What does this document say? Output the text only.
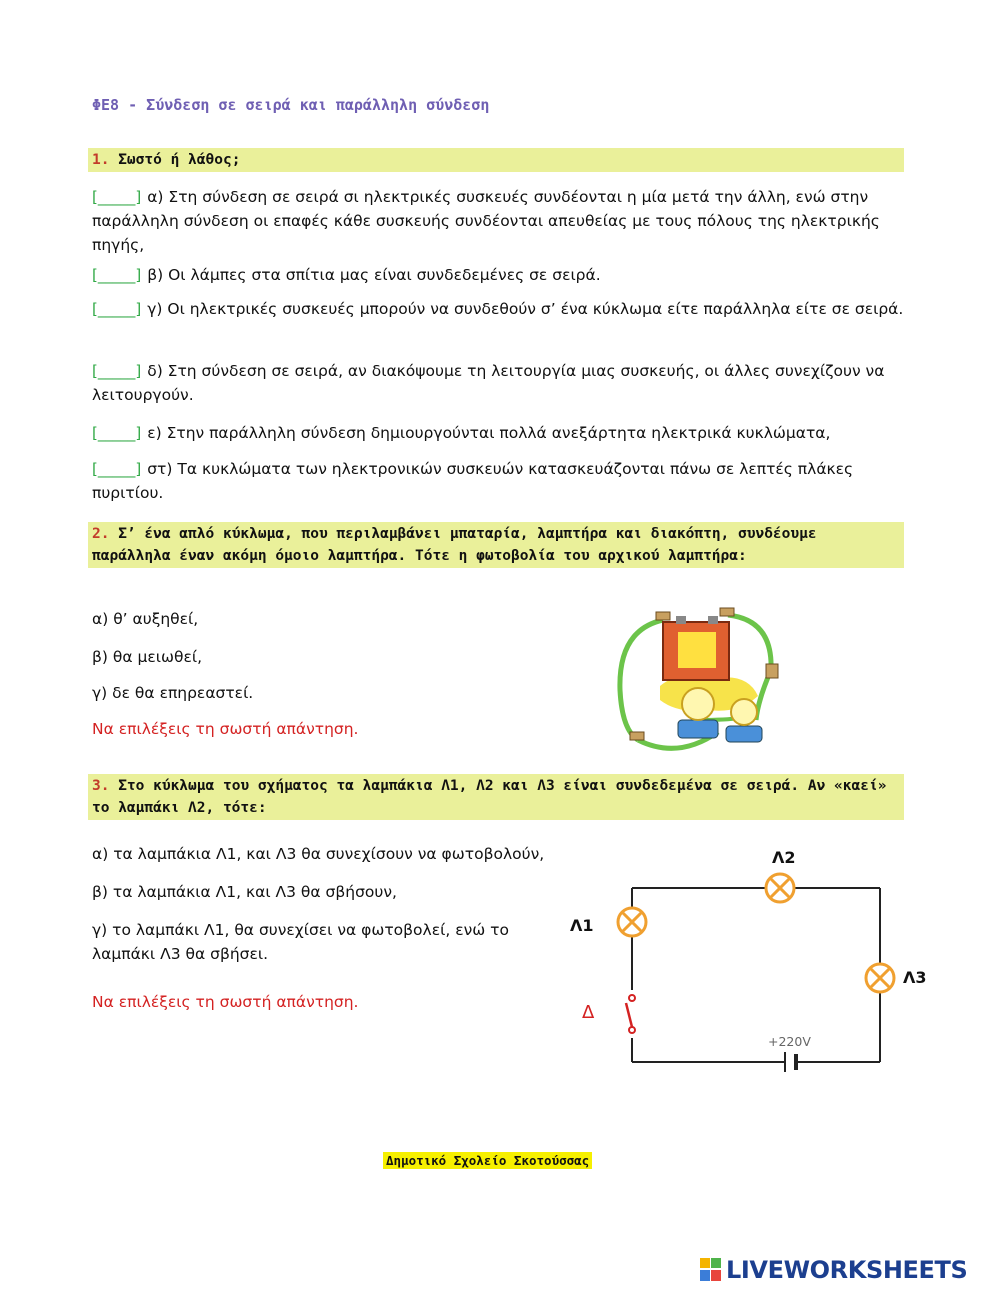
ΦΕ8 - Σύνδεση σε σειρά και παράλληλη σύνδεση
1. Σωστό ή λάθος;
[_____] α) Στη σύνδεση σε σειρά σι ηλεκτρικές συσκευές συνδέονται η μία μετά την άλλη, ενώ στην παράλληλη σύνδεση οι επαφές κάθε συσκευής συνδέονται απευθείας με τους πόλους της ηλεκτρικής πηγής,
[_____] β) Οι λάμπες στα σπίτια μας είναι συνδεδεμένες σε σειρά.
[_____] γ) Οι ηλεκτρικές συσκευές μπορούν να συνδεθούν σ’ ένα κύκλωμα είτε παράλληλα είτε σε σειρά.
[_____] δ) Στη σύνδεση σε σειρά, αν διακόψουμε τη λειτουργία μιας συσκευής, οι άλλες συνεχίζουν να λειτουργούν.
[_____] ε) Στην παράλληλη σύνδεση δημιουργούνται πολλά ανεξάρτητα ηλεκτρικά κυκλώματα,
[_____] στ) Τα κυκλώματα των ηλεκτρονικών συσκευών κατασκευάζονται πάνω σε λεπτές πλάκες πυριτίου.
2. Σ’ ένα απλό κύκλωμα, που περιλαμβάνει μπαταρία, λαμπτήρα και διακόπτη, συνδέουμε παράλληλα έναν ακόμη όμοιο λαμπτήρα. Τότε η φωτοβολία του αρχικού λαμπτήρα:
α) θ’ αυξηθεί,
β) θα μειωθεί,
γ) δε θα επηρεαστεί.
Να επιλέξεις τη σωστή απάντηση.
3. Στο κύκλωμα του σχήματος τα λαμπάκια Λ1, Λ2 και Λ3 είναι συνδεδεμένα σε σειρά. Αν «καεί» το λαμπάκι Λ2, τότε:
α) τα λαμπάκια Λ1, και Λ3 θα συνεχίσουν να φωτοβολούν,
β) τα λαμπάκια Λ1, και Λ3 θα σβήσουν,
γ) το λαμπάκι Λ1, θα συνεχίσει να φωτοβολεί, ενώ το λαμπάκι Λ3 θα σβήσει.
Να επιλέξεις τη σωστή απάντηση.
Λ2
Λ1
Λ3
Δ
+220V
Δημοτικό Σχολείο Σκοτούσσας
LIVEWORKSHEETS
